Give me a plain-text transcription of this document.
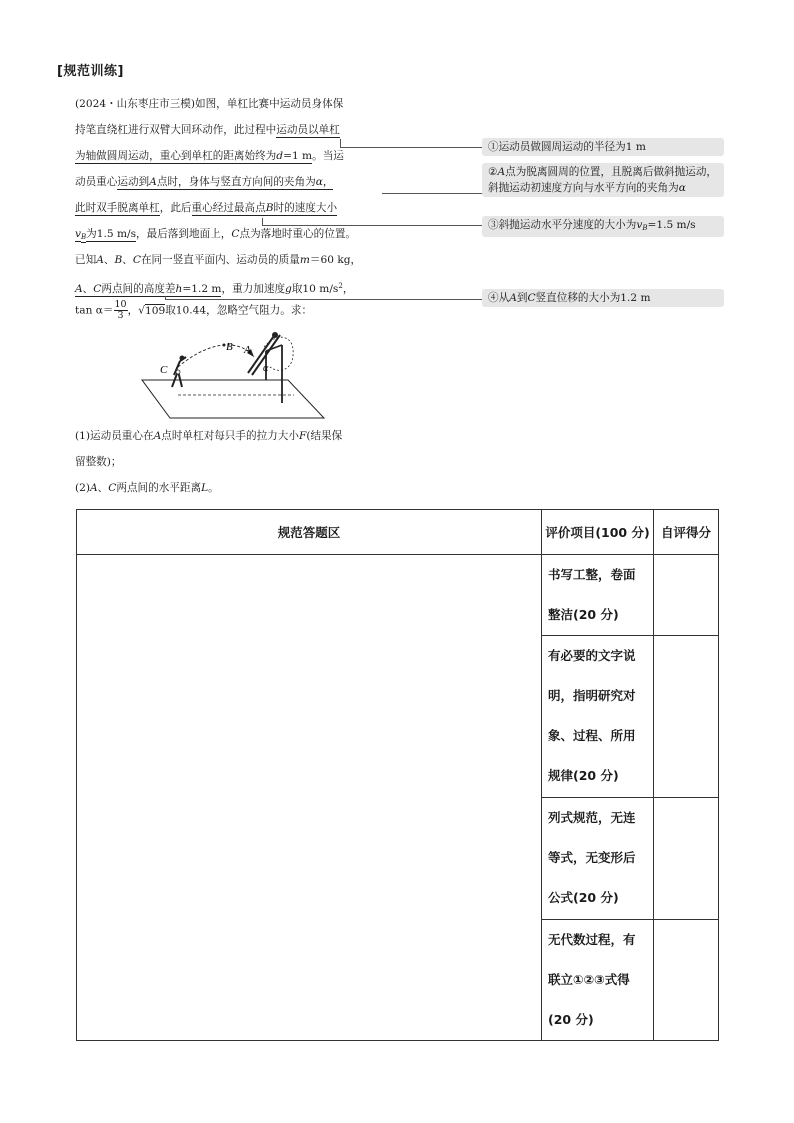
[规范训练]
(2024・山东枣庄市三模)如图，单杠比赛中运动员身体保
持笔直绕杠进行双臂大回环动作，此过程中运动员以单杠
为轴做圆周运动，重心到单杠的距离始终为d=1 m。当运
动员重心运动到A点时，身体与竖直方向间的夹角为α，
此时双手脱离单杠，此后重心经过最高点B时的速度大小
$v_B$为1.5 m/s，最后落到地面上，C点为落地时重心的位置。
已知A、B、C在同一竖直平面内、运动员的质量m＝60 kg，
A、C两点间的高度差h=1.2 m，重力加速度g取10 $m/s^2$，
$\tan \alpha= \frac{10}{3}$ ，√109取10.44，忽略空气阻力。求：
(1)运动员重心在A点时单杠对每只手的拉力大小F(结果保
留整数)；
(2)A、C两点间的水平距离L。
①运动员做圆周运动的半径为1 m
②A点为脱离圆周的位置，且脱离后做斜抛运动，斜抛运动初速度方向与水平方向的夹角为α
③斜抛运动水平分速度的大小为$v_B=1.5$ m/s
④从A到C竖直位移的大小为1.2 m
C
B A
α
规范答题区	评价项目(100 分)	自评得分

	书写工整，卷面
整洁(20 分)	

	有必要的文字说
明，指明研究对
象、过程、所用
规律(20 分)	

	列式规范，无连
等式，无变形后
公式(20 分)	

	无代数过程，有
联立①②③式得
(20 分)	
